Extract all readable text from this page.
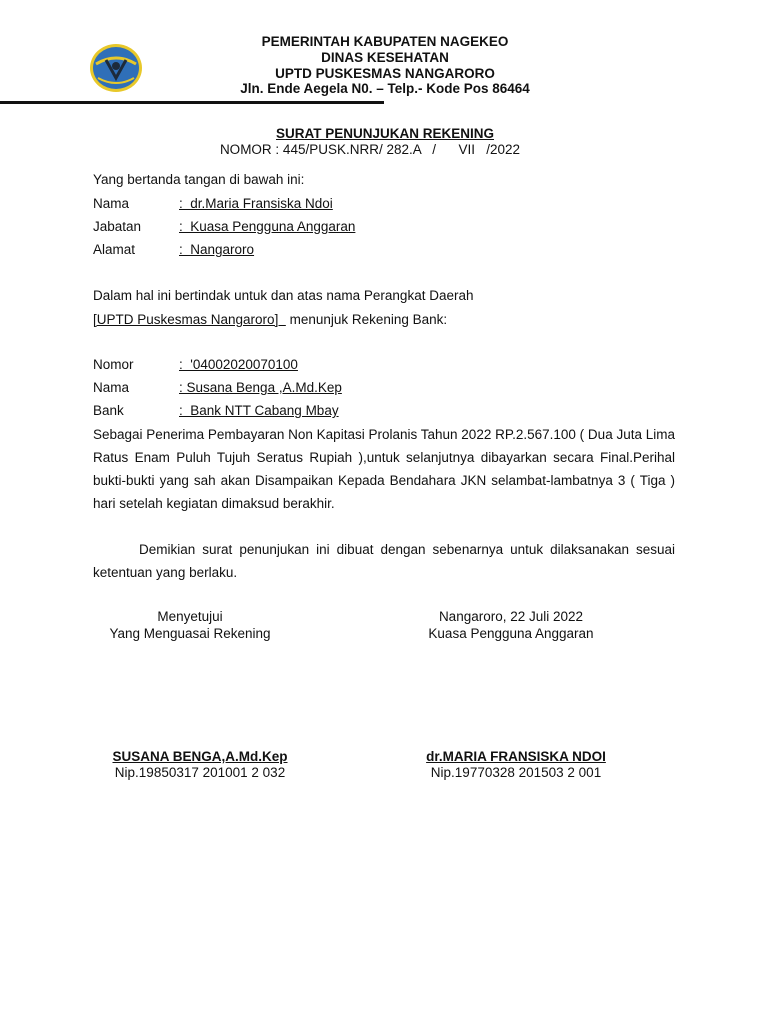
PEMERINTAH KABUPATEN NAGEKEO
DINAS KESEHATAN
UPTD PUSKESMAS NANGARORO
Jln. Ende Aegela N0. – Telp.- Kode Pos 86464
SURAT PENUNJUKAN REKENING
NOMOR : 445/PUSK.NRR/ 282.A   /      VII   /2022
Yang bertanda tangan di bawah ini:
Nama	:  dr.Maria Fransiska Ndoi
Jabatan	:  Kuasa Pengguna Anggaran
Alamat	:  Nangaroro
Dalam hal ini bertindak untuk dan atas nama Perangkat Daerah
[UPTD Puskesmas Nangaroro]   menunjuk Rekening Bank:
Nomor	:  '04002020070100
Nama	: Susana Benga ,A.Md.Kep
Bank	:  Bank NTT Cabang Mbay
Sebagai Penerima Pembayaran Non Kapitasi Prolanis Tahun 2022 RP.2.567.100 ( Dua Juta Lima Ratus Enam Puluh Tujuh Seratus Rupiah ),untuk selanjutnya dibayarkan secara Final.Perihal bukti-bukti yang sah akan Disampaikan Kepada Bendahara JKN selambat-lambatnya 3 ( Tiga ) hari setelah kegiatan dimaksud berakhir.
Demikian surat penunjukan ini dibuat dengan sebenarnya untuk dilaksanakan sesuai ketentuan yang berlaku.
Menyetujui
Yang Menguasai Rekening
SUSANA BENGA,A.Md.Kep
Nip.19850317 201001 2 032
Nangaroro, 22 Juli 2022
Kuasa Pengguna Anggaran
dr.MARIA FRANSISKA NDOI
Nip.19770328 201503 2 001
